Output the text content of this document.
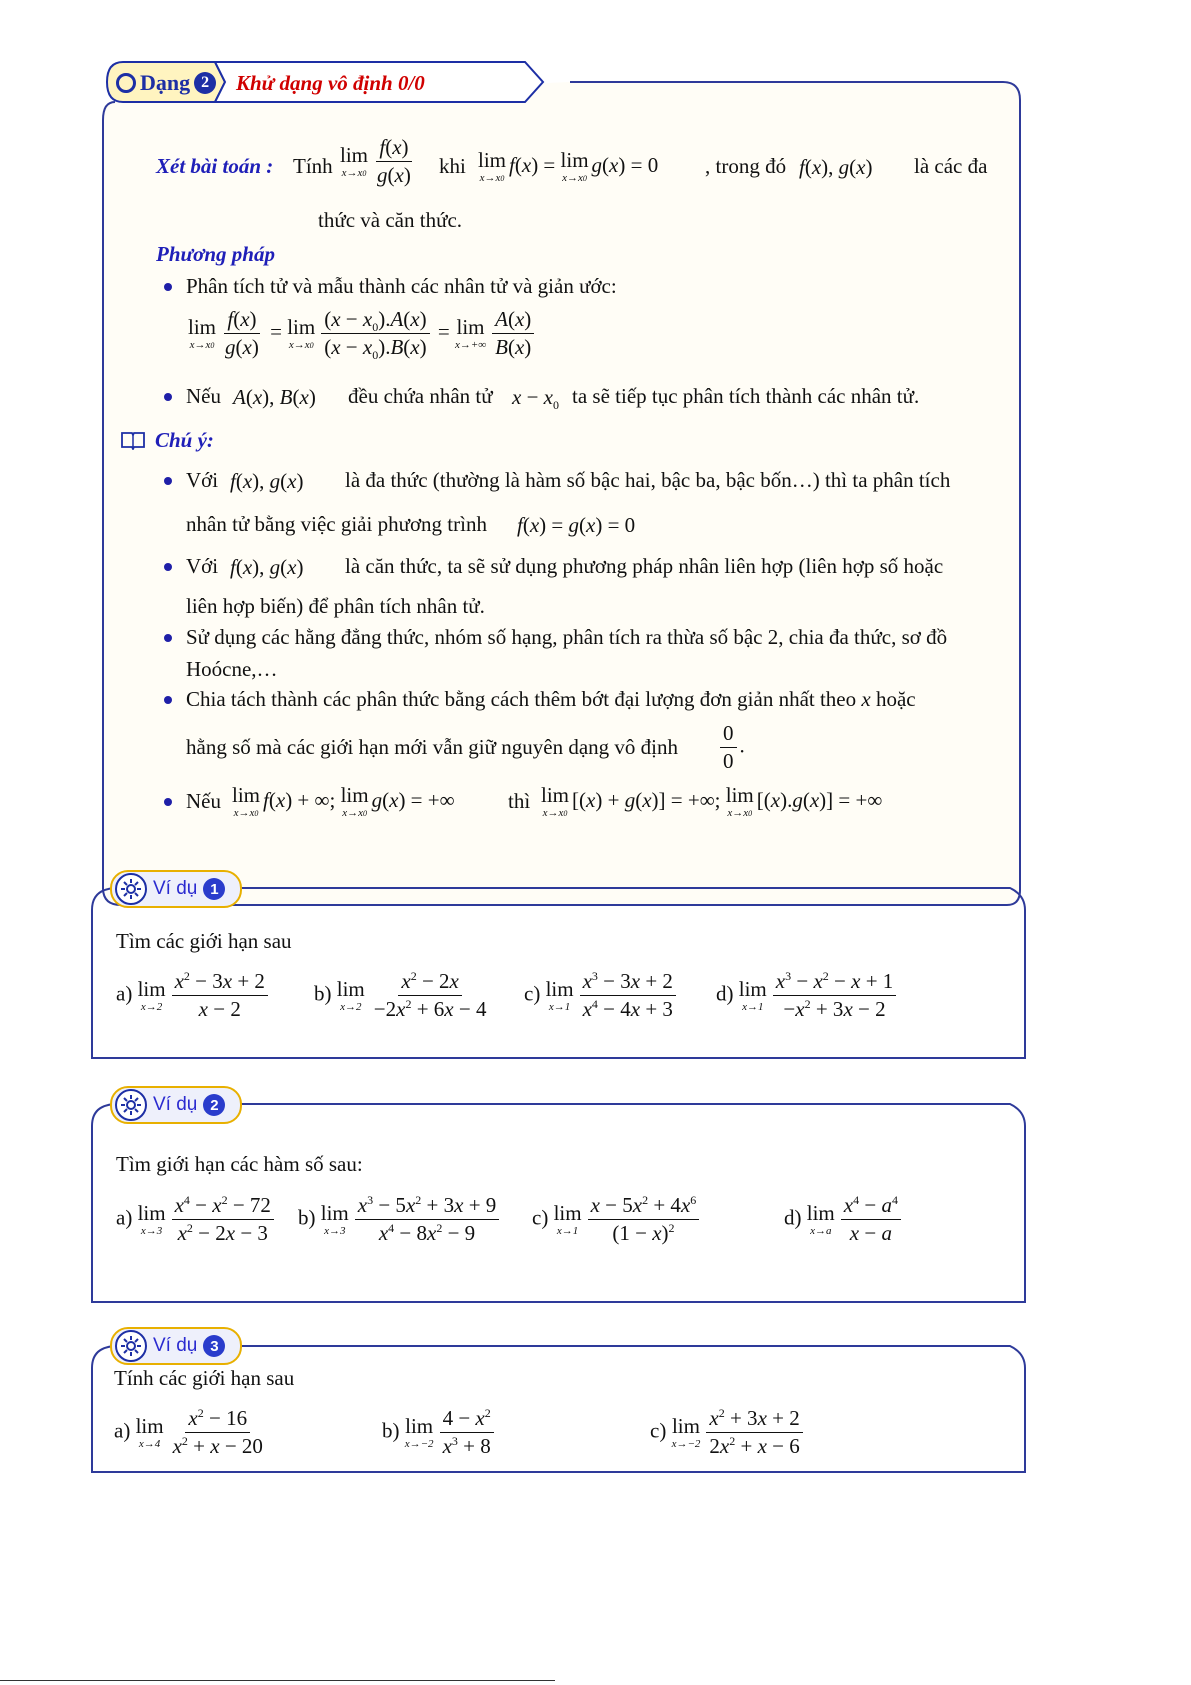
Dạng 2	Khử dạng vô định 0/0
Xét bài toán : Tính lim
$x\to x0 \frac{f(x)}{g(x)}$ khi lim
x→x0
f(x) = lim
x→x0
g(x) = 0 , trong đó f(x), g(x) là các đa
thức và căn thức.
Phương pháp
Phân tích tử và mẫu thành các nhân tử và giản ước:
lim
$x\to x0 \frac{f(x)}{g(x)} = \lim$
$x\to x0 \frac{(x - x_0).A(x)}{(x - x_0).B(x)} = \lim$
$x\to+\infty \frac{A(x)}{B(x)}$
Nếu A(x), B(x) đều chứa nhân tử $x - x_0$ ta sẽ tiếp tục phân tích thành các nhân tử.
Chú ý:
Với f(x), g(x) là đa thức (thường là hàm số bậc hai, bậc ba, bậc bốn…) thì ta phân tích
nhân tử bằng việc giải phương trình f(x) = g(x) = 0
Với f(x), g(x) là căn thức, ta sẽ sử dụng phương pháp nhân liên hợp (liên hợp số hoặc
liên hợp biến) để phân tích nhân tử.
Sử dụng các hằng đẳng thức, nhóm số hạng, phân tích ra thừa số bậc 2, chia đa thức, sơ đồ
Hoócne,…
Chia tách thành các phân thức bằng cách thêm bớt đại lượng đơn giản nhất theo x hoặc
hằng số mà các giới hạn mới vẫn giữ nguyên dạng vô định $\frac{0}{0}$ .
Nếu lim
x→x0
f(x) + ∞; lim
x→x0
g(x) = +∞	thì lim
x→x0
[(x) + g(x)] = +∞; lim
x→x0
[(x).g(x)] = +∞
Ví dụ 1
Tìm các giới hạn sau
a) lim
$x\to 2 \frac{x^2 - 3x + 2}{x - 2} b$) lim
$x\to 2 \frac{x^2 - 2x}{-2x^2 + 6x - 4} c$) lim
$x\to 1 \frac{x^3 - 3x + 2}{x^4 - 4x + 3} d$) lim
$x\to 1 \frac{x^3 - x^2 - x + 1}{-x^2 + 3x - 2}$
Ví dụ 2
Tìm giới hạn các hàm số sau:
a) lim
$x\to 3 \frac{x^4 - x^2 - 72}{x^2 - 2x - 3} b$) lim
$x\to 3 \frac{x^3 - 5x^2 + 3x + 9}{x^4 - 8x^2 - 9} c$) lim
$x\to 1 \frac{x - 5x^2 + 4x^6}{(1 - x)^2}$	d) lim
$x\to a \frac{x^4 - a^4}{x - a}$
Ví dụ 3
Tính các giới hạn sau
a) lim
$x\to 4 \frac{x^2 - 16}{x^2 + x - 20}$	b) lim
$x\to-2 \frac{4 - x^2}{x^3 + 8}$	c) lim
$x\to-2 \frac{x^2 + 3x + 2}{2x^2 + x - 6}$
